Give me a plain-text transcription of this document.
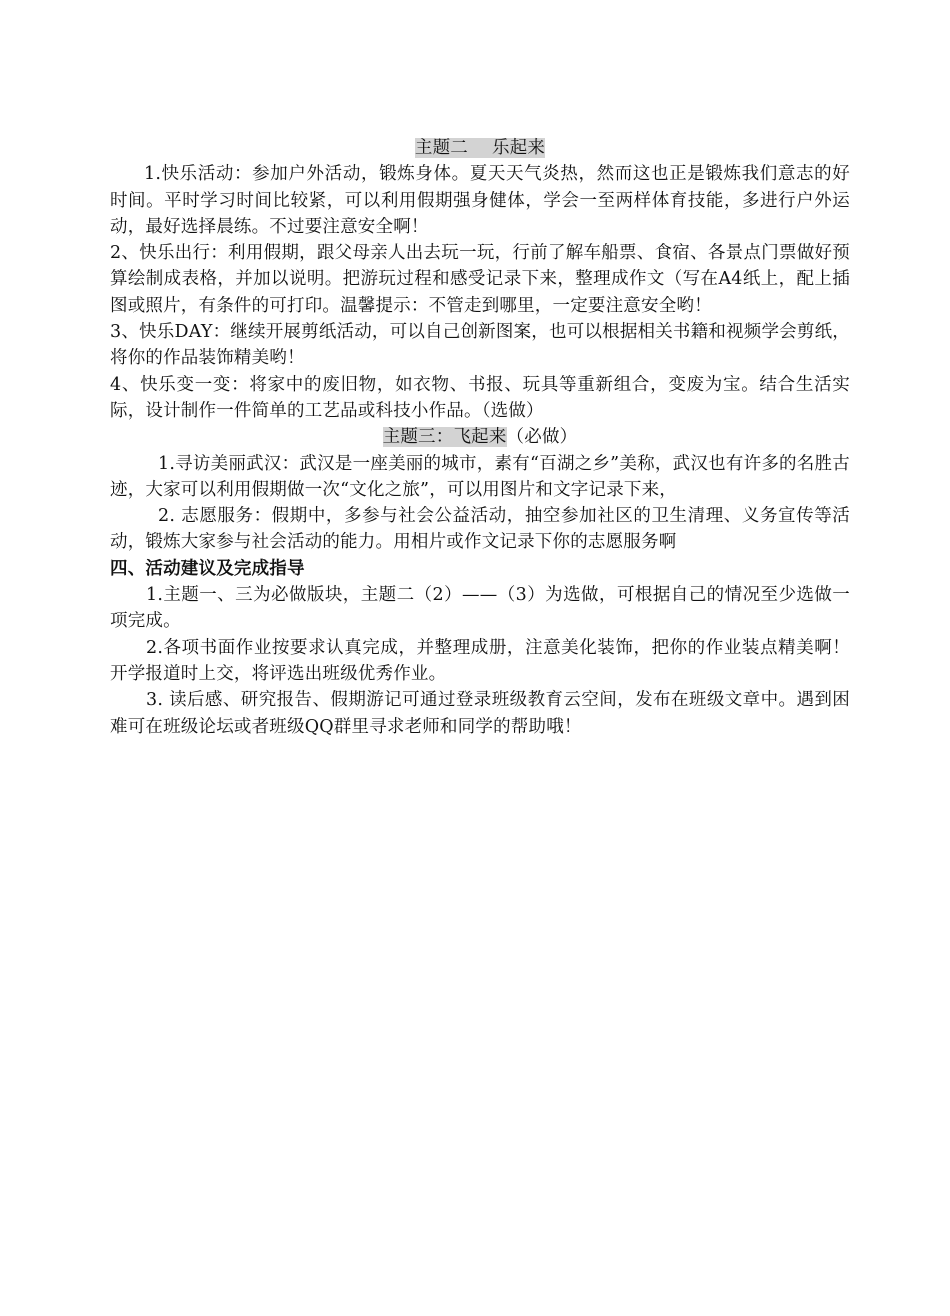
主题二 乐起来

1.快乐活动：参加户外活动，锻炼身体。夏天天气炎热，然而这也正是锻炼我们意志的好时间。平时学习时间比较紧，可以利用假期强身健体，学会一至两样体育技能，多进行户外运动，最好选择晨练。不过要注意安全啊！

2、快乐出行：利用假期，跟父母亲人出去玩一玩，行前了解车船票、食宿、各景点门票做好预算绘制成表格，并加以说明。把游玩过程和感受记录下来，整理成作文（写在A4纸上，配上插图或照片，有条件的可打印。温馨提示：不管走到哪里，一定要注意安全哟！

3、快乐DAY：继续开展剪纸活动，可以自己创新图案，也可以根据相关书籍和视频学会剪纸，将你的作品装饰精美哟！

4、快乐变一变：将家中的废旧物，如衣物、书报、玩具等重新组合，变废为宝。结合生活实际，设计制作一件简单的工艺品或科技小作品。（选做）

主题三：飞起来（必做）

1.寻访美丽武汉：武汉是一座美丽的城市，素有“百湖之乡”美称，武汉也有许多的名胜古迹，大家可以利用假期做一次“文化之旅”，可以用图片和文字记录下来，

2. 志愿服务：假期中，多参与社会公益活动，抽空参加社区的卫生清理、义务宣传等活动，锻炼大家参与社会活动的能力。用相片或作文记录下你的志愿服务啊

四、活动建议及完成指导

1.主题一、三为必做版块，主题二（2）——（3）为选做，可根据自己的情况至少选做一项完成。

2.各项书面作业按要求认真完成，并整理成册，注意美化装饰，把你的作业装点精美啊！开学报道时上交，将评选出班级优秀作业。

3. 读后感、研究报告、假期游记可通过登录班级教育云空间，发布在班级文章中。遇到困难可在班级论坛或者班级QQ群里寻求老师和同学的帮助哦！
